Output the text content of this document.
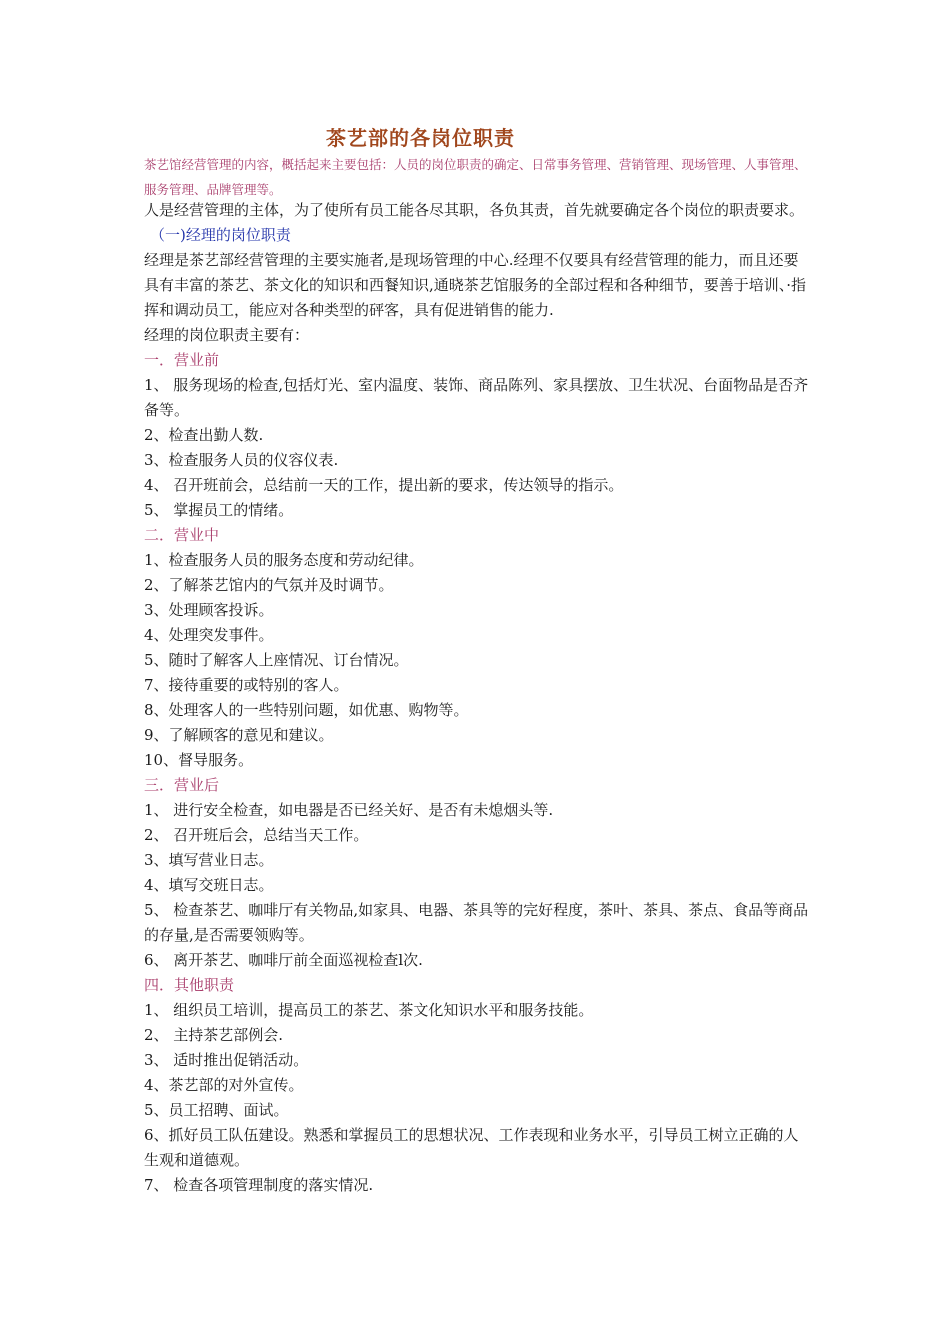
茶艺部的各岗位职责
茶艺馆经营管理的内容，概括起来主要包括：人员的岗位职责的确定、日常事务管理、营销管理、现场管理、人事管理、服务管理、品牌管理等。

人是经营管理的主体，为了使所有员工能各尽其职，各负其责，首先就要确定各个岗位的职责要求。

（一)经理的岗位职责

经理是茶艺部经营管理的主要实施者,是现场管理的中心.经理不仅要具有经营管理的能力，而且还要具有丰富的茶艺、茶文化的知识和西餐知识,通晓茶艺馆服务的全部过程和各种细节，要善于培训、·指挥和调动员工，能应对各种类型的砰客，具有促进销售的能力.

经理的岗位职责主要有：

一．营业前

1、 服务现场的检查,包括灯光、室内温度、装饰、商品陈列、家具摆放、卫生状况、台面物品是否齐备等。

2、检查出勤人数.

3、检查服务人员的仪容仪表.

4、 召开班前会，总结前一天的工作，提出新的要求，传达领导的指示。

5、 掌握员工的情绪。

二．营业中

1、检查服务人员的服务态度和劳动纪律。

2、了解茶艺馆内的气氛并及时调节。

3、处理顾客投诉。

4、处理突发事件。

5、随时了解客人上座情况、订台情况。

7、接待重要的或特别的客人。

8、处理客人的一些特别问题，如优惠、购物等。

9、了解顾客的意见和建议。

10、督导服务。

三．营业后

1、 进行安全检查，如电器是否已经关好、是否有未熄烟头等.

2、 召开班后会，总结当天工作。

3、填写营业日志。

4、填写交班日志。

5、 检查茶艺、咖啡厅有关物品,如家具、电器、茶具等的完好程度，茶叶、茶具、茶点、食品等商品的存量,是否需要领购等。

6、 离开茶艺、咖啡厅前全面巡视检查l次.

四．其他职责

1、 组织员工培训，提高员工的茶艺、茶文化知识水平和服务技能。

2、 主持茶艺部例会.

3、 适时推出促销活动。

4、茶艺部的对外宣传。

5、员工招聘、面试。

6、抓好员工队伍建设。熟悉和掌握员工的思想状况、工作表现和业务水平，引导员工树立正确的人生观和道德观。

7、 检查各项管理制度的落实情况.
